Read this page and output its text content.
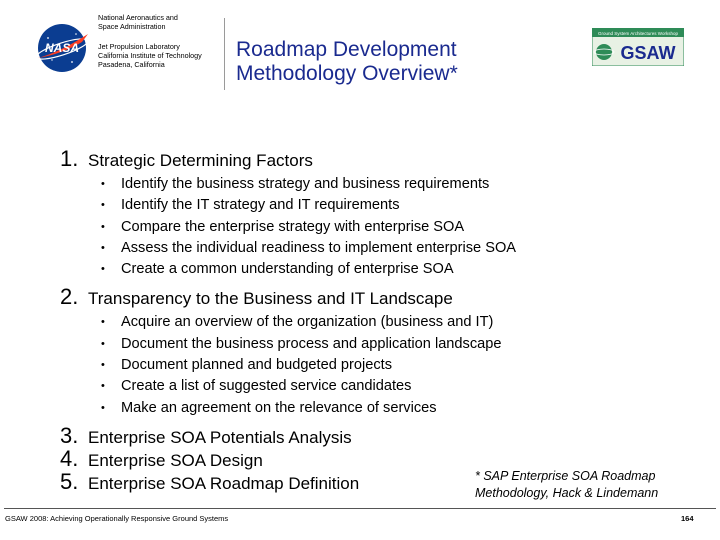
NASA
National Aeronautics and
Space Administration
Jet Propulsion Laboratory
California Institute of Technology
Pasadena, California
Roadmap Development
Methodology Overview*
Ground System Architectures Workshop
GSAW
1. Strategic Determining Factors
•	Identify the business strategy and business requirements
•	Identify the IT strategy and IT requirements
•	Compare the enterprise strategy with enterprise SOA
•	Assess the individual readiness to implement enterprise SOA
•	Create a common understanding of enterprise SOA
2. Transparency to the Business and IT Landscape
•	Acquire an overview of the organization (business and IT)
•	Document the business process and application landscape
•	Document planned and budgeted projects
•	Create a list of suggested service candidates
•	Make an agreement on the relevance of services
3. Enterprise SOA Potentials Analysis
4. Enterprise SOA Design
5. Enterprise SOA Roadmap Definition	* SAP Enterprise SOA Roadmap
Methodology, Hack & Lindemann
GSAW 2008: Achieving Operationally Responsive Ground Systems	164
